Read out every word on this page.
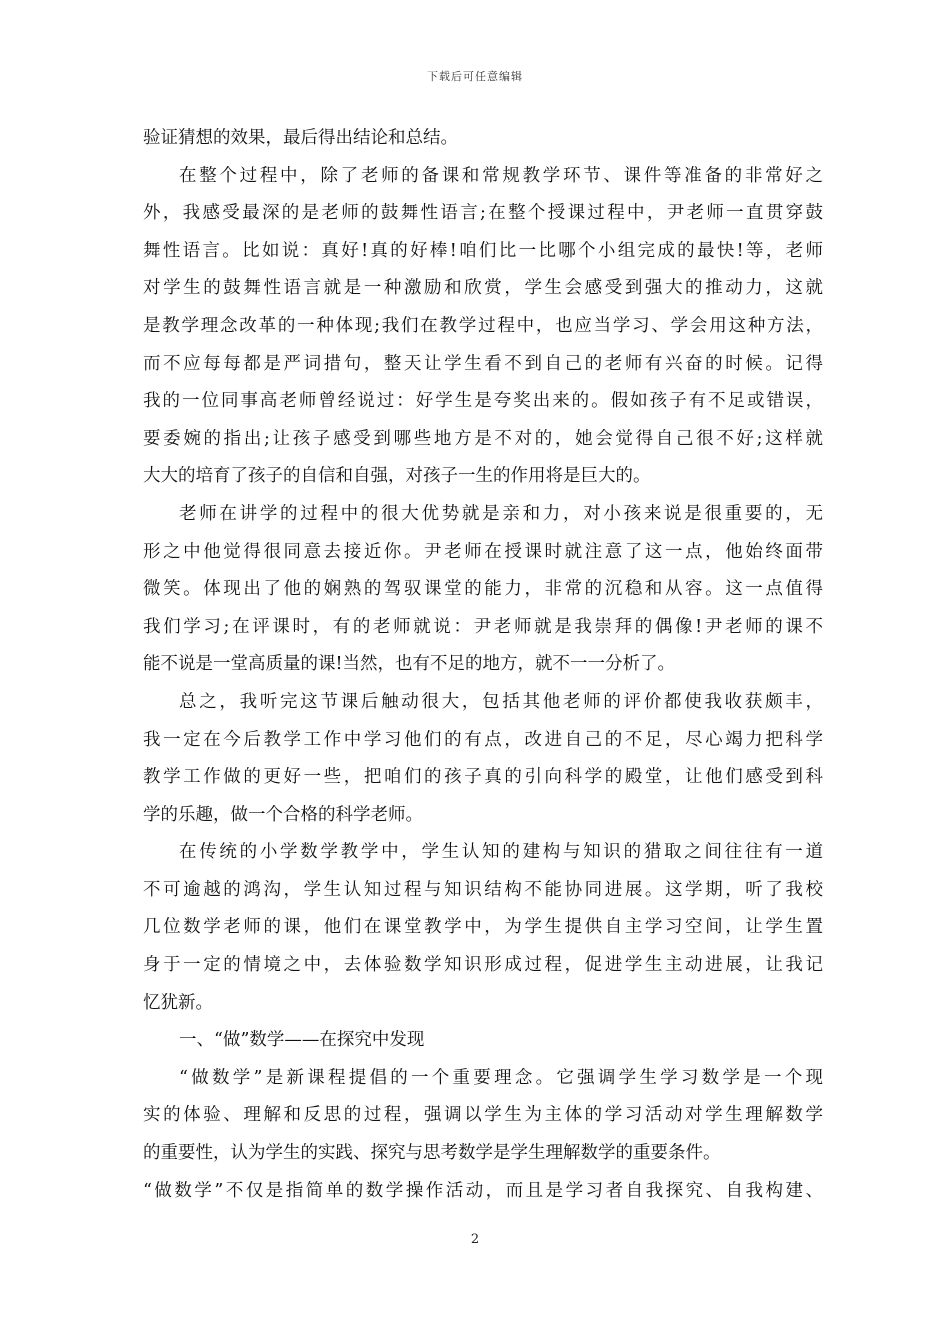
下载后可任意编辑
验证猜想的效果，最后得出结论和总结。
在整个过程中，除了老师的备课和常规教学环节、课件等准备的非常好之
外，我感受最深的是老师的鼓舞性语言;在整个授课过程中，尹老师一直贯穿鼓
舞性语言。比如说：真好!真的好棒!咱们比一比哪个小组完成的最快!等，老师
对学生的鼓舞性语言就是一种激励和欣赏，学生会感受到强大的推动力，这就
是教学理念改革的一种体现;我们在教学过程中，也应当学习、学会用这种方法，
而不应每每都是严词措句，整天让学生看不到自己的老师有兴奋的时候。记得
我的一位同事高老师曾经说过：好学生是夸奖出来的。假如孩子有不足或错误，
要委婉的指出;让孩子感受到哪些地方是不对的，她会觉得自己很不好;这样就
大大的培育了孩子的自信和自强，对孩子一生的作用将是巨大的。
老师在讲学的过程中的很大优势就是亲和力，对小孩来说是很重要的，无
形之中他觉得很同意去接近你。尹老师在授课时就注意了这一点，他始终面带
微笑。体现出了他的娴熟的驾驭课堂的能力，非常的沉稳和从容。这一点值得
我们学习;在评课时，有的老师就说：尹老师就是我崇拜的偶像!尹老师的课不
能不说是一堂高质量的课!当然，也有不足的地方，就不一一分析了。
总之，我听完这节课后触动很大，包括其他老师的评价都使我收获颇丰，
我一定在今后教学工作中学习他们的有点，改进自己的不足，尽心竭力把科学
教学工作做的更好一些，把咱们的孩子真的引向科学的殿堂，让他们感受到科
学的乐趣，做一个合格的科学老师。
在传统的小学数学教学中，学生认知的建构与知识的猎取之间往往有一道
不可逾越的鸿沟，学生认知过程与知识结构不能协同进展。这学期，听了我校
几位数学老师的课，他们在课堂教学中，为学生提供自主学习空间，让学生置
身于一定的情境之中，去体验数学知识形成过程，促进学生主动进展，让我记
忆犹新。
一、“做”数学——在探究中发现
“做数学”是新课程提倡的一个重要理念。它强调学生学习数学是一个现
实的体验、理解和反思的过程，强调以学生为主体的学习活动对学生理解数学
的重要性，认为学生的实践、探究与思考数学是学生理解数学的重要条件。
“做数学”不仅是指简单的数学操作活动，而且是学习者自我探究、自我构建、
2
